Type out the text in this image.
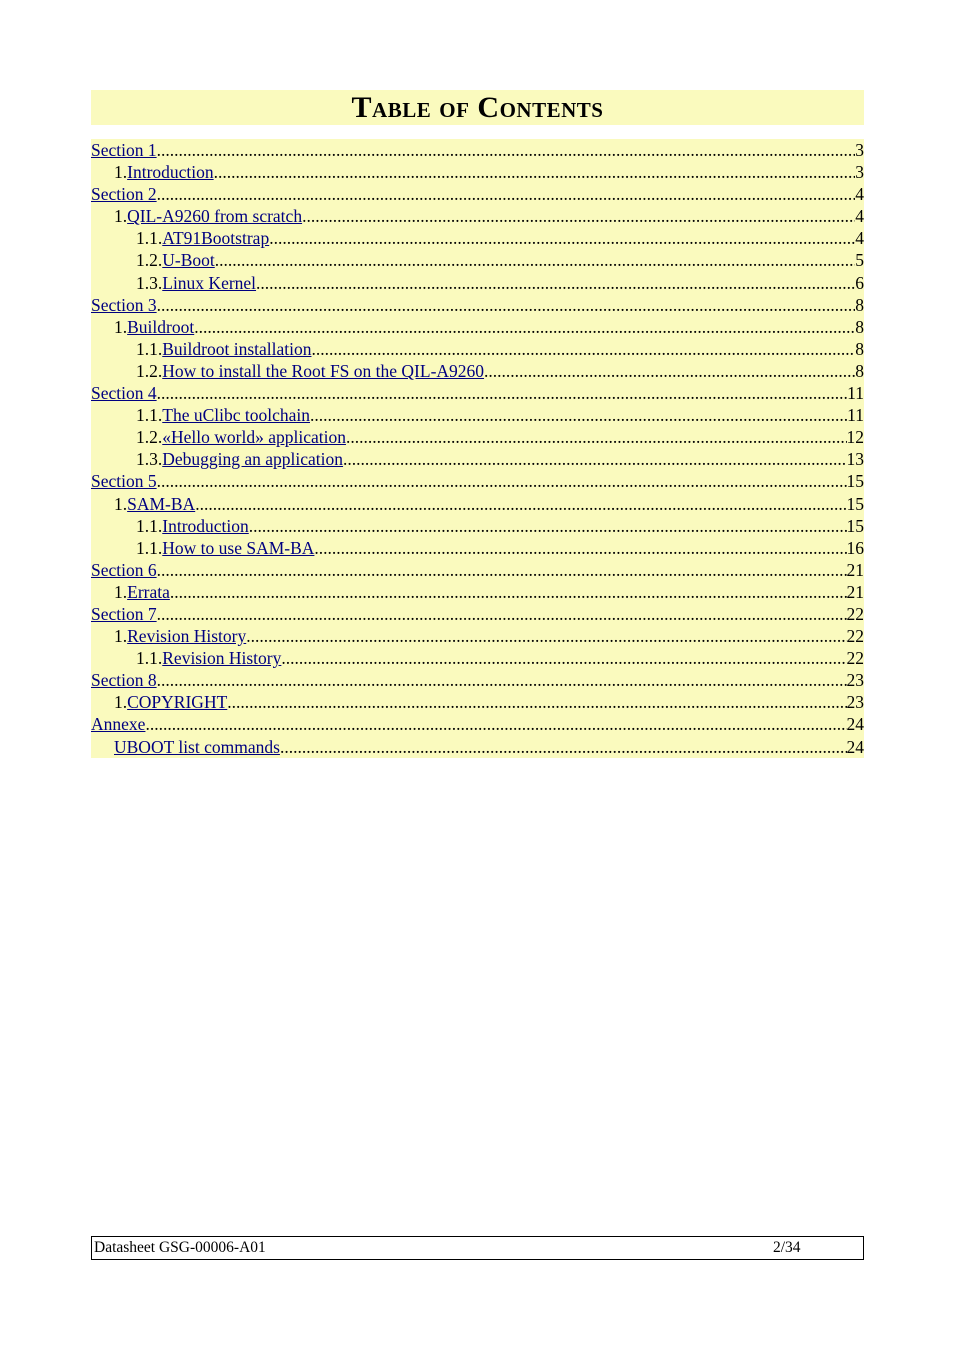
Table of Contents
Section 1 .....	3
1. Introduction .....	3
Section 2 .....	4
1. QIL-A9260 from scratch .....	4
1.1. AT91Bootstrap .....	4
1.2. U-Boot .....	5
1.3. Linux Kernel .....	6
Section 3 .....	8
1. Buildroot .....	8
1.1. Buildroot installation .....	8
1.2. How to install the Root FS on the QIL-A9260 .....	8
Section 4 .....	11
1.1. The uClibc toolchain .....	11
1.2. «Hello world» application .....	12
1.3. Debugging an application .....	13
Section 5 .....	15
1. SAM-BA .....	15
1.1. Introduction .....	15
1.1. How to use SAM-BA .....	16
Section 6 .....	21
1. Errata .....	21
Section 7 .....	22
1. Revision History .....	22
1.1. Revision History .....	22
Section 8 .....	23
1. COPYRIGHT .....	23
Annexe .....	24
UBOOT list commands .....	24
Datasheet GSG-00006-A01	2/34
